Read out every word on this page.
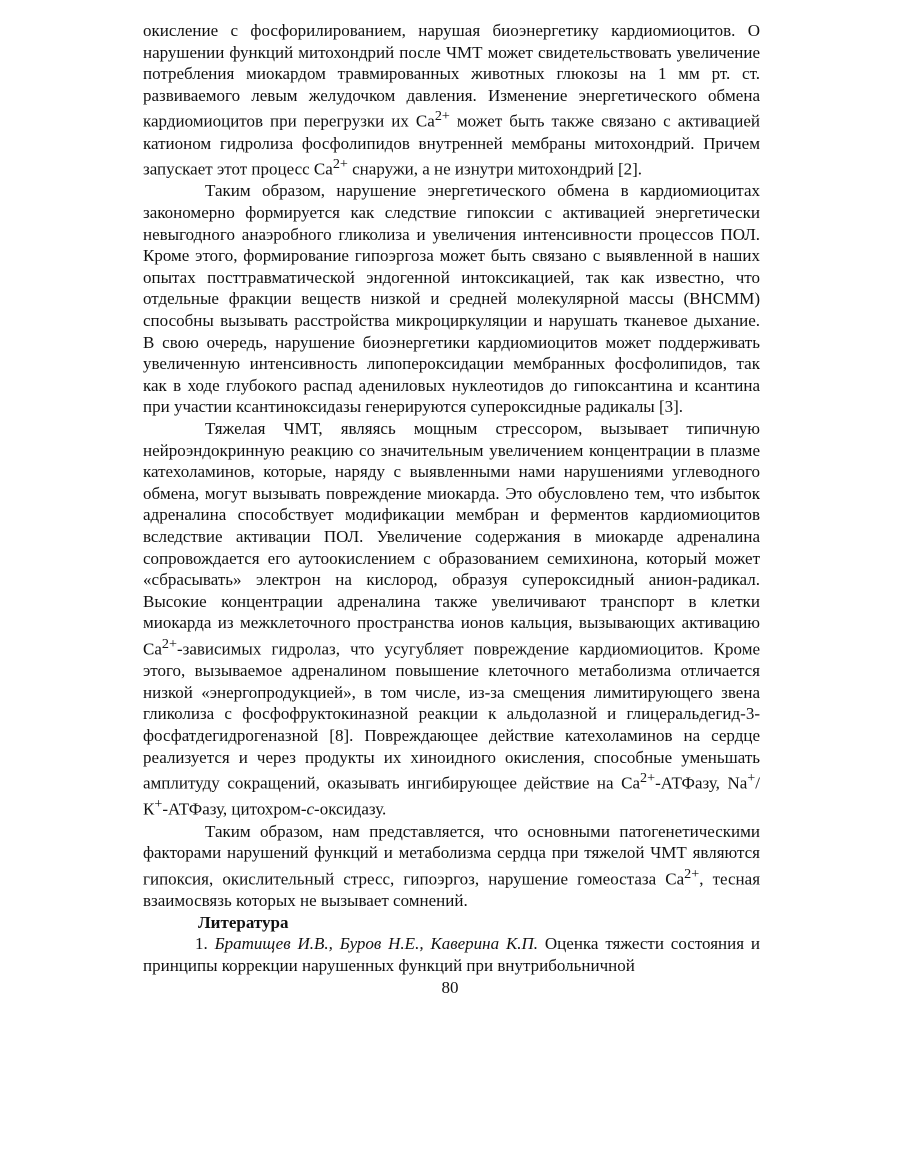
окисление с фосфорилированием, нарушая биоэнергетику кардиомиоцитов. О нарушении функций митохондрий после ЧМТ может свидетельствовать увеличение потребления миокардом травмированных животных глюкозы на 1 мм рт. ст. развиваемого левым желудочком давления. Изменение энергетического обмена кардиомиоцитов при перегрузки их $Са^{2+}$ может быть также связано с активацией катионом гидролиза фосфолипидов внутренней мембраны митохондрий. Причем запускает этот процесс $Са^{2+}$ снаружи, а не изнутри митохондрий [2].

Таким образом, нарушение энергетического обмена в кардиомиоцитах закономерно формируется как следствие гипоксии с активацией энергетически невыгодного анаэробного гликолиза и увеличения интенсивности процессов ПОЛ. Кроме этого, формирование гипоэргоза может быть связано с выявленной в наших опытах посттравматической эндогенной интоксикацией, так как известно, что отдельные фракции веществ низкой и средней молекулярной массы (ВНСММ) способны вызывать расстройства микроциркуляции и нарушать тканевое дыхание. В свою очередь, нарушение биоэнергетики кардиомиоцитов может поддерживать увеличенную интенсивность липопероксидации мембранных фосфолипидов, так как в ходе глубокого распад адениловых нуклеотидов до гипоксантина и ксантина при участии ксантиноксидазы генерируются супероксидные радикалы [3].

Тяжелая ЧМТ, являясь мощным стрессором, вызывает типичную нейроэндокринную реакцию со значительным увеличением концентрации в плазме катехоламинов, которые, наряду с выявленными нами нарушениями углеводного обмена, могут вызывать повреждение миокарда. Это обусловлено тем, что избыток адреналина способствует модификации мембран и ферментов кардиомиоцитов вследствие активации ПОЛ. Увеличение содержания в миокарде адреналина сопровождается его аутоокислением с образованием семихинона, который может «сбрасывать» электрон на кислород, образуя супероксидный анион-радикал. Высокие концентрации адреналина также увеличивают транспорт в клетки миокарда из межклеточного пространства ионов кальция, вызывающих активацию $Са^{2+}$-зависимых гидролаз, что усугубляет повреждение кардиомиоцитов. Кроме этого, вызываемое адреналином повышение клеточного метаболизма отличается низкой «энергопродукцией», в том числе, из-за смещения лимитирующего звена гликолиза с фосфофруктокиназной реакции к альдолазной и глицеральдегид-3-фосфатдегидрогеназной [8]. Повреждающее действие катехоламинов на сердце реализуется и через продукты их хиноидного окисления, способные уменьшать амплитуду сокращений, оказывать ингибирующее действие на $Са^{2+}$-АТФазу, Na+/К+-АТФазу, цитохром-с-оксидазу.

Таким образом, нам представляется, что основными патогенетическими факторами нарушений функций и метаболизма сердца при тяжелой ЧМТ являются гипоксия, окислительный стресс, гипоэргоз, нарушение гомеостаза $Са^{2+}$, тесная взаимосвязь которых не вызывает сомнений.

Литература

1. Братищев И.В., Буров Н.Е., Каверина К.П. Оценка тяжести состояния и принципы коррекции нарушенных функций при внутрибольничной

80
